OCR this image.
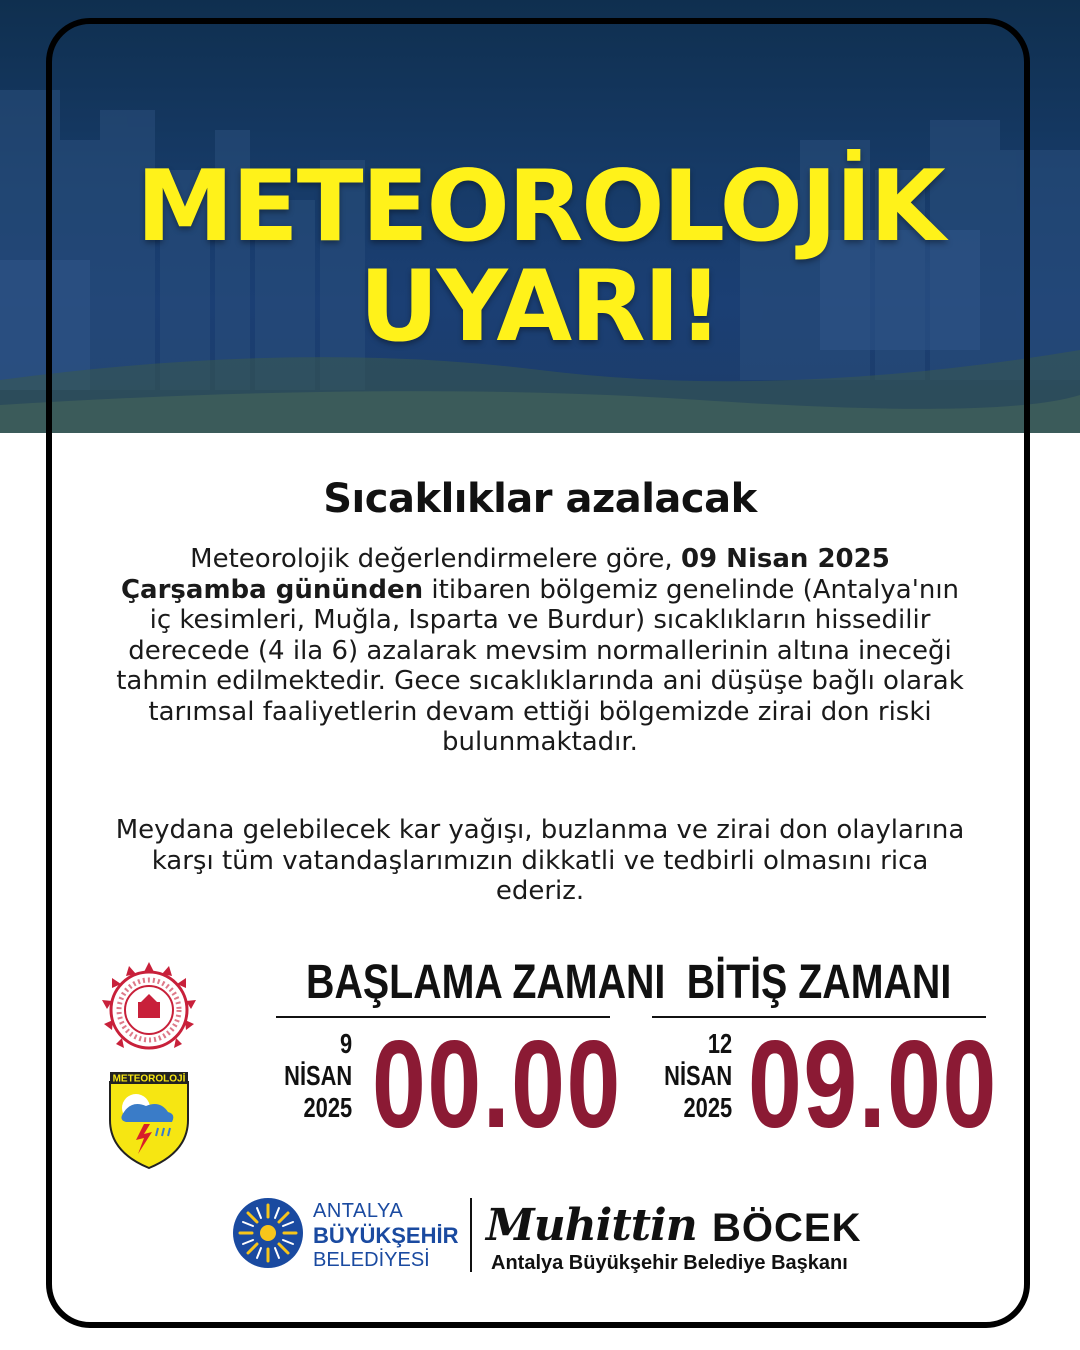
METEOROLOJİK
UYARI!
Sıcaklıklar azalacak
Meteorolojik değerlendirmelere göre, 09 Nisan 2025 Çarşamba gününden itibaren bölgemiz genelinde (Antalya'nın iç kesimleri, Muğla, Isparta ve Burdur) sıcaklıkların hissedilir derecede (4 ila 6) azalarak mevsim normallerinin altına ineceği tahmin edilmektedir. Gece sıcaklıklarında ani düşüşe bağlı olarak tarımsal faaliyetlerin devam ettiği bölgemizde zirai don riski bulunmaktadır.
Meydana gelebilecek kar yağışı, buzlanma ve zirai don olaylarına karşı tüm vatandaşlarımızın dikkatli ve tedbirli olmasını rica ederiz.
METEOROLOJİ
BAŞLAMA ZAMANI
9
NİSAN
2025 00.00
BİTİŞ ZAMANI
12
NİSAN
2025 09.00
ANTALYA
BÜYÜKŞEHİR
BELEDİYESİ
Muhittin BÖCEK
Antalya Büyükşehir Belediye Başkanı
